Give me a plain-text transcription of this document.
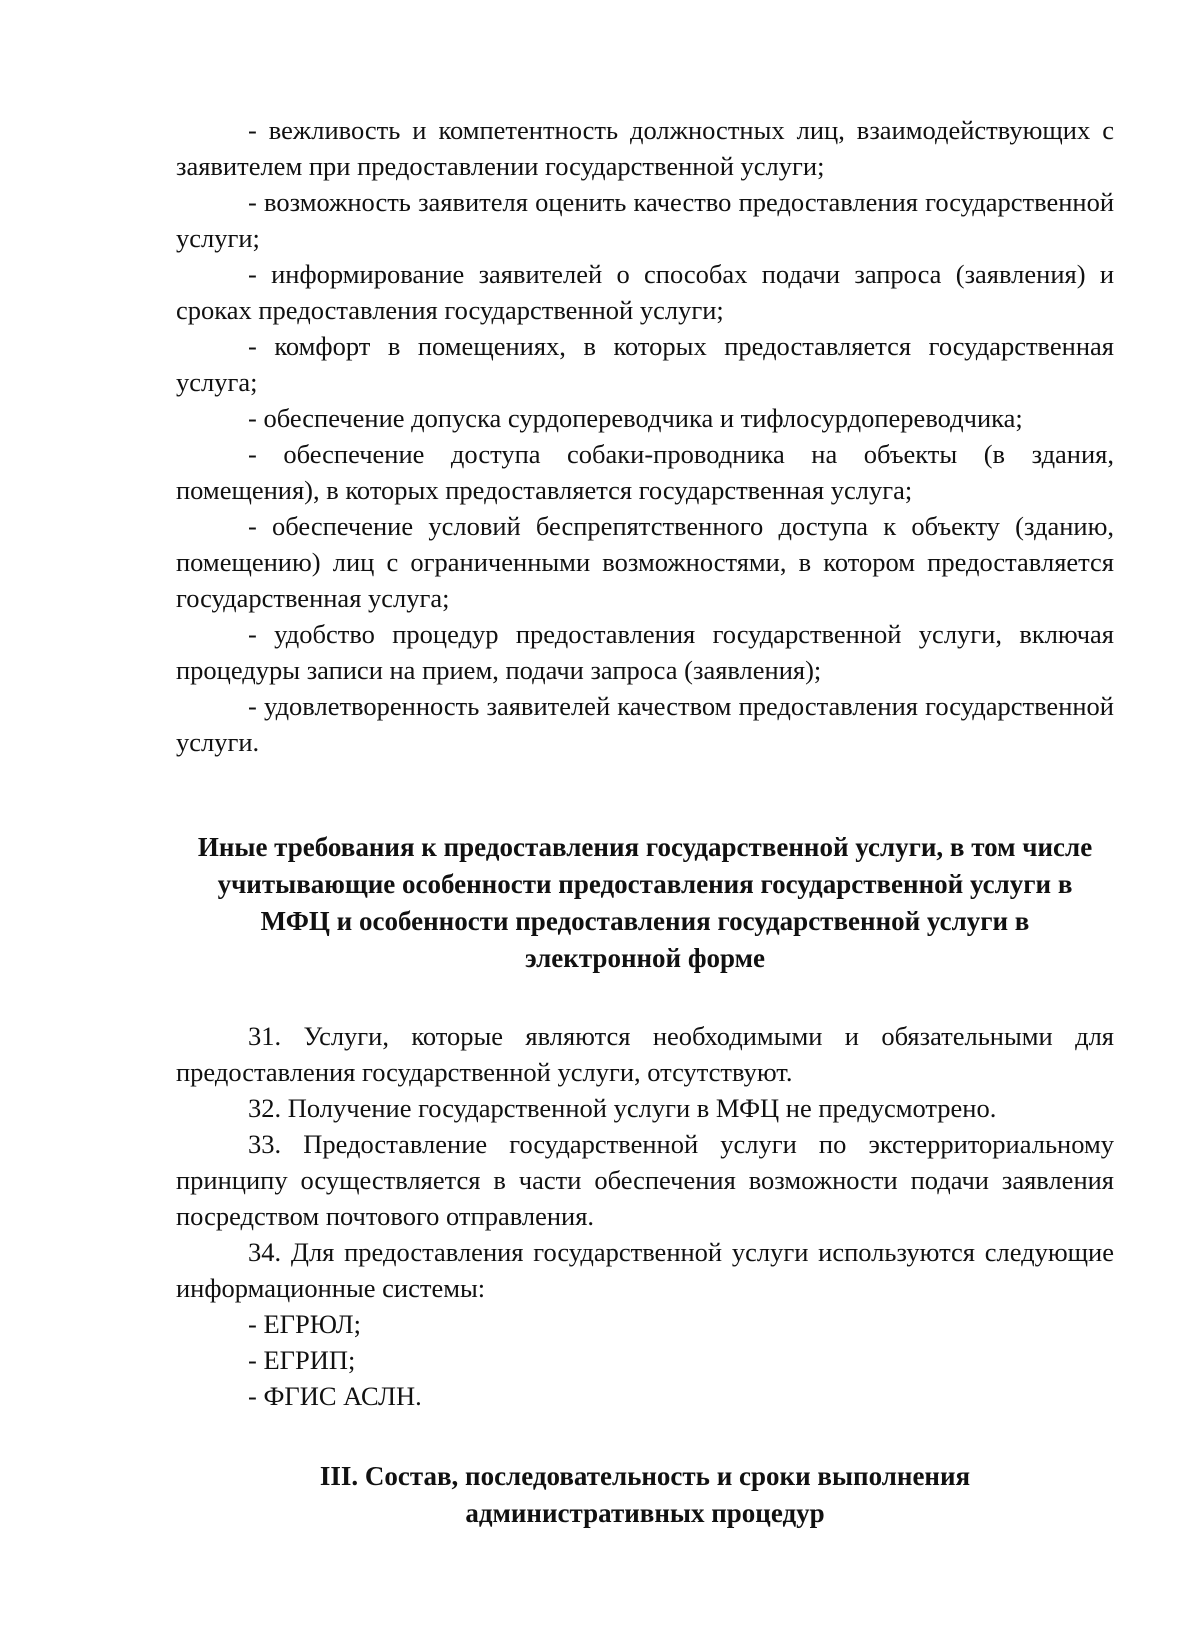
- вежливость и компетентность должностных лиц, взаимодействующих с заявителем при предоставлении государственной услуги;

- возможность заявителя оценить качество предоставления государственной услуги;

- информирование заявителей о способах подачи запроса (заявления) и сроках предоставления государственной услуги;

- комфорт в помещениях, в которых предоставляется государственная услуга;

- обеспечение допуска сурдопереводчика и тифлосурдопереводчика;

- обеспечение доступа собаки-проводника на объекты (в здания, помещения), в которых предоставляется государственная услуга;

- обеспечение условий беспрепятственного доступа к объекту (зданию, помещению) лиц с ограниченными возможностями, в котором предоставляется государственная услуга;

- удобство процедур предоставления государственной услуги, включая процедуры записи на прием, подачи запроса (заявления);

- удовлетворенность заявителей качеством предоставления государственной услуги.

Иные требования к предоставления государственной услуги, в том числе
учитывающие особенности предоставления государственной услуги в
МФЦ и особенности предоставления государственной услуги в
электронной форме

31. Услуги, которые являются необходимыми и обязательными для предоставления государственной услуги, отсутствуют.

32. Получение государственной услуги в МФЦ не предусмотрено.

33. Предоставление государственной услуги по экстерриториальному принципу осуществляется в части обеспечения возможности подачи заявления посредством почтового отправления.

34. Для предоставления государственной услуги используются следующие информационные системы:

- ЕГРЮЛ;

- ЕГРИП;

- ФГИС АСЛН.

III. Состав, последовательность и сроки выполнения
административных процедур
